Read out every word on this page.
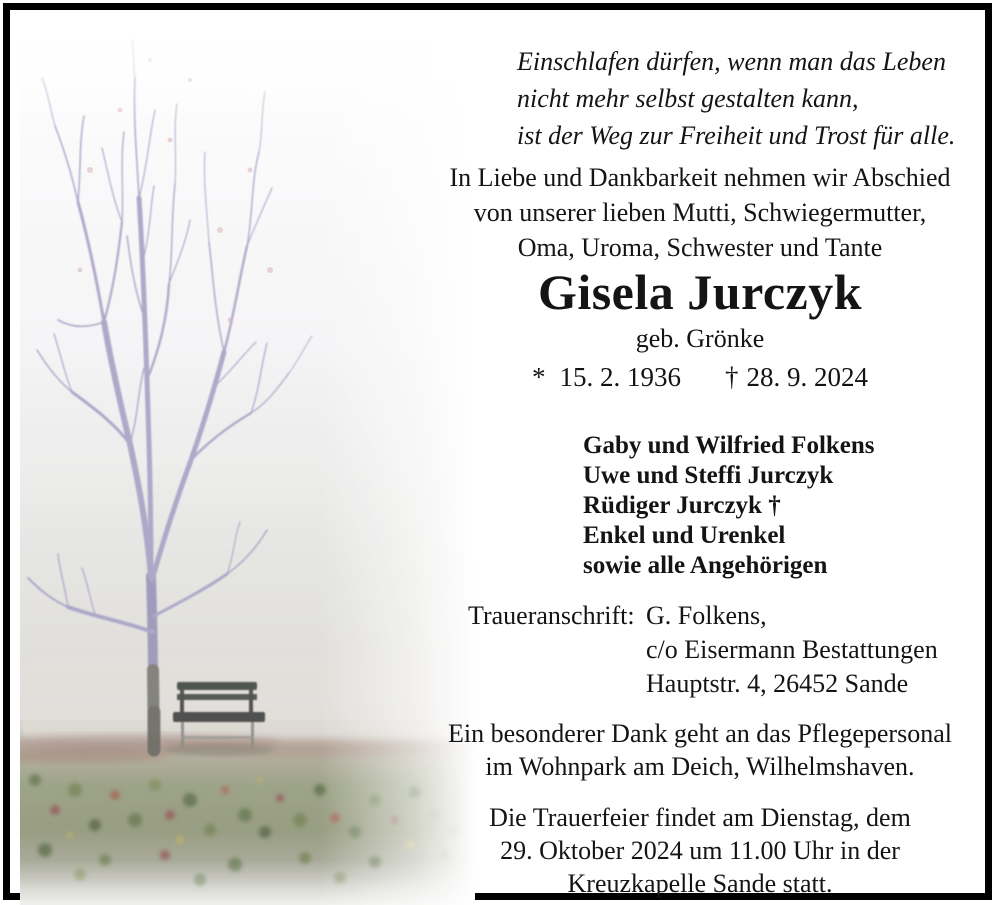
Einschlafen dürfen, wenn man das Leben
nicht mehr selbst gestalten kann,
ist der Weg zur Freiheit und Trost für alle.
In Liebe und Dankbarkeit nehmen wir Abschied
von unserer lieben Mutti, Schwiegermutter,
Oma, Uroma, Schwester und Tante
Gisela Jurczyk
geb. Grönke
* 15. 2. 1936 † 28. 9. 2024
Gaby und Wilfried Folkens
Uwe und Steffi Jurczyk
Rüdiger Jurczyk †
Enkel und Urenkel
sowie alle Angehörigen
Traueranschrift: G. Folkens,
c/o Eisermann Bestattungen
Hauptstr. 4, 26452 Sande
Ein besonderer Dank geht an das Pflegepersonal
im Wohnpark am Deich, Wilhelmshaven.
Die Trauerfeier findet am Dienstag, dem
29. Oktober 2024 um 11.00 Uhr in der
Kreuzkapelle Sande statt.
